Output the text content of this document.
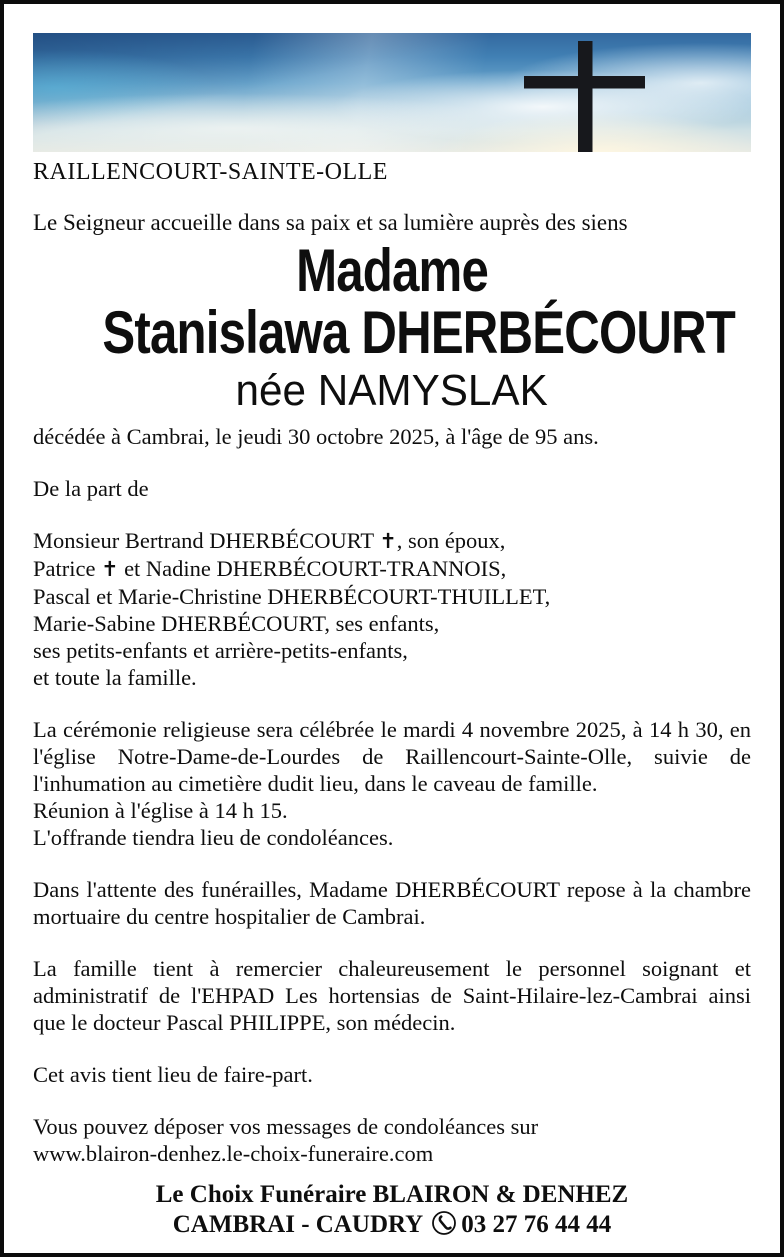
RAILLENCOURT-SAINTE-OLLE

Le Seigneur accueille dans sa paix et sa lumière auprès des siens

Madame
Stanislawa DHERBÉCOURT
née NAMYSLAK

décédée à Cambrai, le jeudi 30 octobre 2025, à l'âge de 95 ans.

De la part de

Monsieur Bertrand DHERBÉCOURT ✝, son époux,
Patrice ✝ et Nadine DHERBÉCOURT-TRANNOIS,
Pascal et Marie-Christine DHERBÉCOURT-THUILLET,
Marie-Sabine DHERBÉCOURT, ses enfants,
ses petits-enfants et arrière-petits-enfants,
et toute la famille.

La cérémonie religieuse sera célébrée le mardi 4 novembre 2025, à 14 h 30, en l'église Notre-Dame-de-Lourdes de Raillencourt-Sainte-Olle, suivie de l'inhumation au cimetière dudit lieu, dans le caveau de famille.

Réunion à l'église à 14 h 15.

L'offrande tiendra lieu de condoléances.

Dans l'attente des funérailles, Madame DHERBÉCOURT repose à la chambre mortuaire du centre hospitalier de Cambrai.

La famille tient à remercier chaleureusement le personnel soignant et administratif de l'EHPAD Les hortensias de Saint-Hilaire-lez-Cambrai ainsi que le docteur Pascal PHILIPPE, son médecin.

Cet avis tient lieu de faire-part.

Vous pouvez déposer vos messages de condoléances sur
www.blairon-denhez.le-choix-funeraire.com
Le Choix Funéraire BLAIRON & DENHEZ
CAMBRAI - CAUDRY 03 27 76 44 44
